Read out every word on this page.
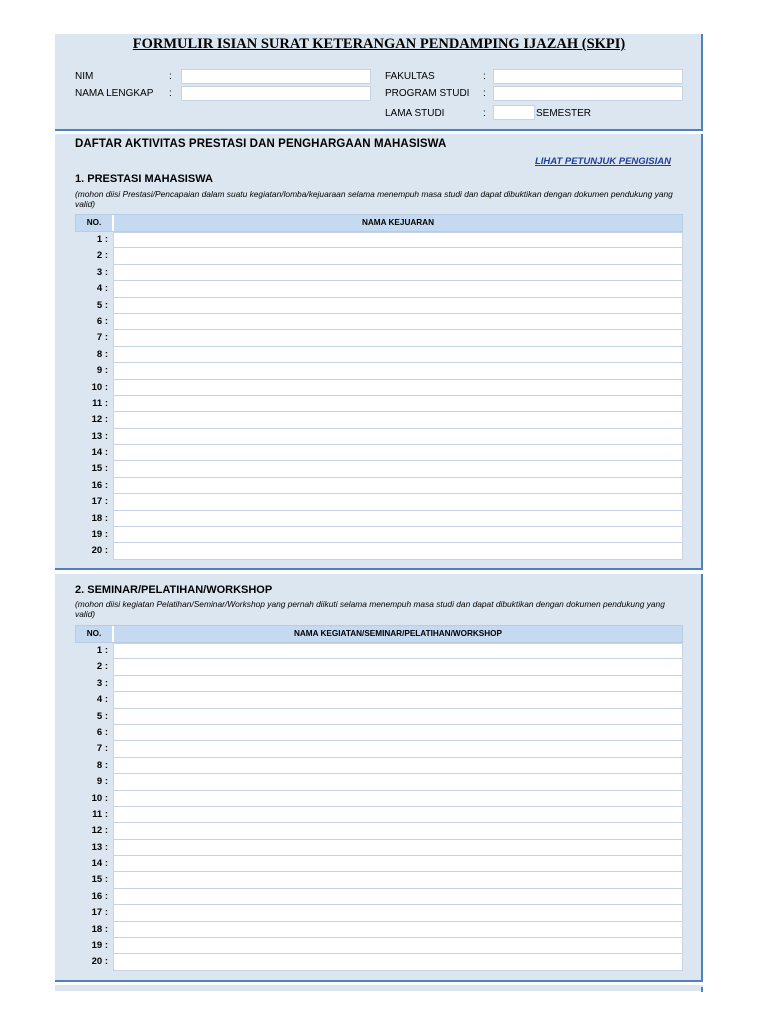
FORMULIR ISIAN SURAT KETERANGAN PENDAMPING IJAZAH (SKPI)
NIM	:
NAMA LENGKAP :
FAKULTAS	:
PROGRAM STUDI :
LAMA STUDI	:	SEMESTER
DAFTAR AKTIVITAS PRESTASI DAN PENGHARGAAN MAHASISWA
LIHAT PETUNJUK PENGISIAN
1. PRESTASI MAHASISWA
(mohon diisi Prestasi/Pencapaian dalam suatu kegiatan/lomba/kejuaraan selama menempuh masa studi dan dapat dibuktikan dengan dokumen pendukung yang valid)
NO.	NAMA KEJUARAN
1 :
2 :
3 :
4 :
5 :
6 :
7 :
8 :
9 :
10 :
11 :
12 :
13 :
14 :
15 :
16 :
17 :
18 :
19 :
20 :
2. SEMINAR/PELATIHAN/WORKSHOP
(mohon diisi kegiatan Pelatihan/Seminar/Workshop yang pernah diikuti selama menempuh masa studi dan dapat dibuktikan dengan dokumen pendukung yang valid)
NO.	NAMA KEGIATAN/SEMINAR/PELATIHAN/WORKSHOP
1 :
2 :
3 :
4 :
5 :
6 :
7 :
8 :
9 :
10 :
11 :
12 :
13 :
14 :
15 :
16 :
17 :
18 :
19 :
20 :
